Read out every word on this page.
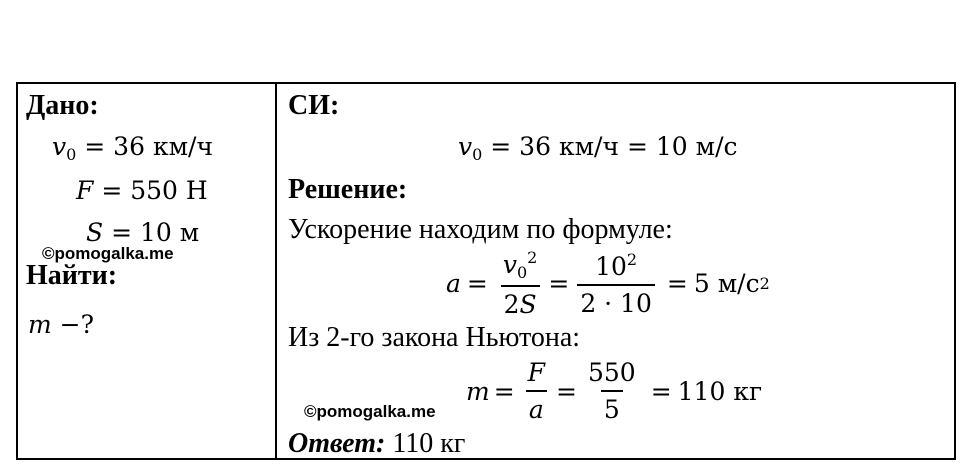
Дано:
$v_0 = 36$ км/ч
F = 550 Н
S = 10 м
©pomogalka.me
Найти:
m −?
СИ:
$v_0 = 36$ км/ч = 10 м/с
Решение:
Ускорение находим по формуле:
$a = \frac{v_0^2}{2S} = \frac{10^2}{2 \cdot 10} = 5$ м/с 2
Из 2-го закона Ньютона:
©pomogalka.me
$m = \frac{F}{a} = \frac{550}{5} = 110$ кг
Ответ: 110 кг
